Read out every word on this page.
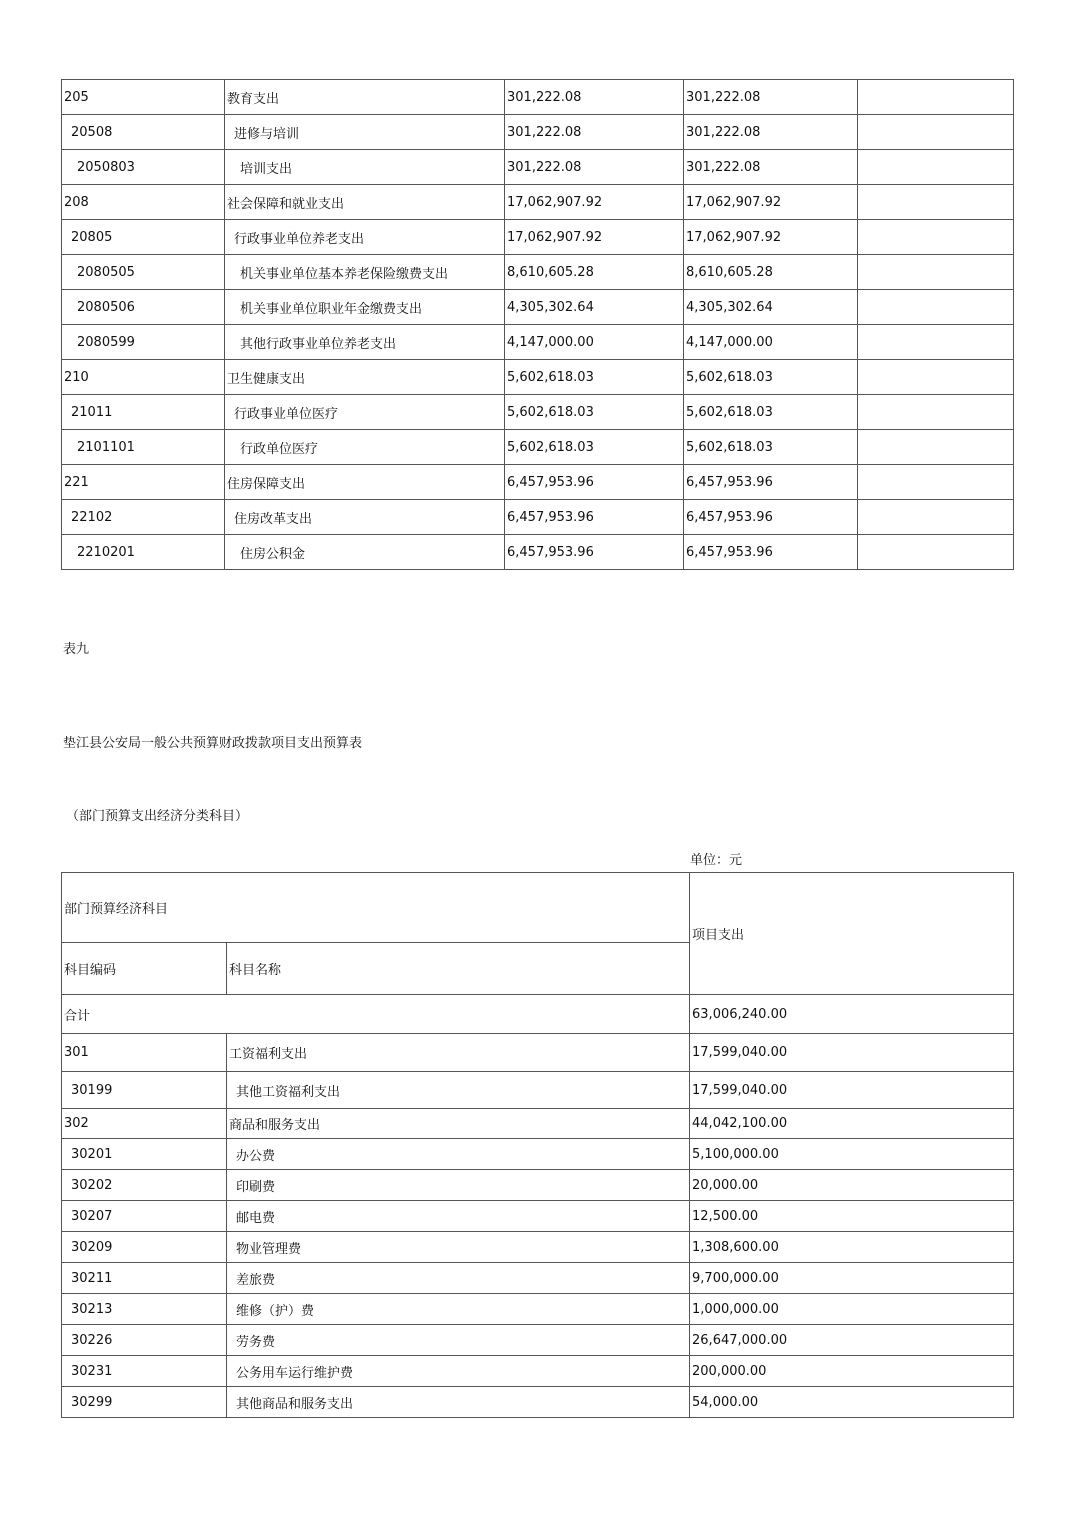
205	教育支出	301,222.08	301,222.08	
20508	进修与培训	301,222.08	301,222.08	
2050803	培训支出	301,222.08	301,222.08	
208	社会保障和就业支出	17,062,907.92	17,062,907.92	
20805	行政事业单位养老支出	17,062,907.92	17,062,907.92	
2080505	机关事业单位基本养老保险缴费支出	8,610,605.28	8,610,605.28	
2080506	机关事业单位职业年金缴费支出	4,305,302.64	4,305,302.64	
2080599	其他行政事业单位养老支出	4,147,000.00	4,147,000.00	
210	卫生健康支出	5,602,618.03	5,602,618.03	
21011	行政事业单位医疗	5,602,618.03	5,602,618.03	
2101101	行政单位医疗	5,602,618.03	5,602,618.03	
221	住房保障支出	6,457,953.96	6,457,953.96	
22102	住房改革支出	6,457,953.96	6,457,953.96	
2210201	住房公积金	6,457,953.96	6,457,953.96	
表九
垫江县公安局一般公共预算财政拨款项目支出预算表
（部门预算支出经济分类科目）
单位：元
部门预算经济科目		项目支出
科目编码	科目名称	
合计		63,006,240.00
301	工资福利支出	17,599,040.00
30199	其他工资福利支出	17,599,040.00
302	商品和服务支出	44,042,100.00
30201	办公费	5,100,000.00
30202	印刷费	20,000.00
30207	邮电费	12,500.00
30209	物业管理费	1,308,600.00
30211	差旅费	9,700,000.00
30213	维修（护）费	1,000,000.00
30226	劳务费	26,647,000.00
30231	公务用车运行维护费	200,000.00
30299	其他商品和服务支出	54,000.00
